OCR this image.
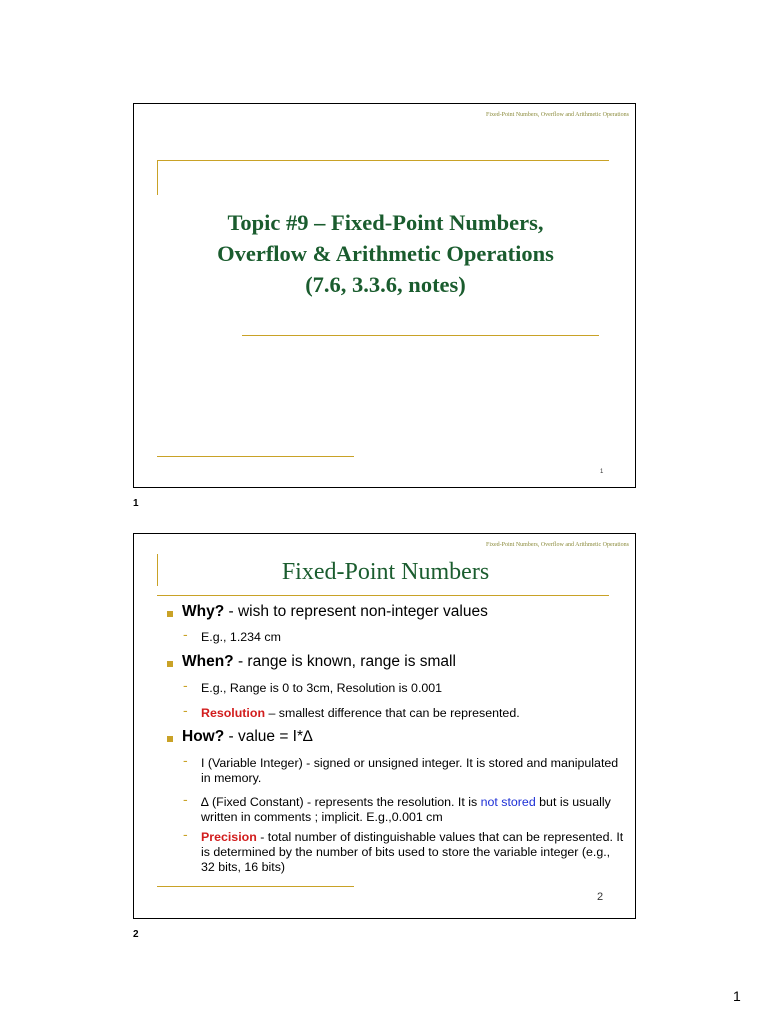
Fixed-Point Numbers, Overflow and Arithmetic Operations
Topic #9 – Fixed-Point Numbers,
Overflow & Arithmetic Operations
(7.6, 3.3.6, notes)
1
1
Fixed-Point Numbers, Overflow and Arithmetic Operations
Fixed-Point Numbers
Why? - wish to represent non-integer values
- E.g., 1.234 cm
When? - range is known, range is small
- E.g., Range is 0 to 3cm, Resolution is 0.001
- Resolution – smallest difference that can be represented.
How? - value = I*∆
- I (Variable Integer) - signed or unsigned integer. It is stored and manipulated in memory.
- ∆ (Fixed Constant) - represents the resolution. It is not stored but is usually written in comments ; implicit. E.g.,0.001 cm
- Precision - total number of distinguishable values that can be represented. It is determined by the number of bits used to store the variable integer (e.g., 32 bits, 16 bits)
2
2
1
